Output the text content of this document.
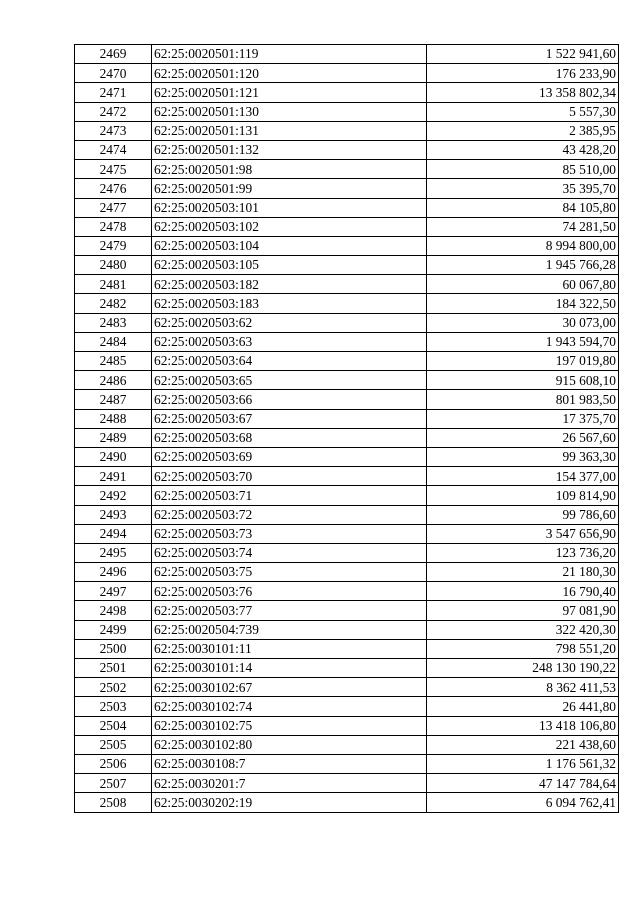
2469	62:25:0020501:119	1 522 941,60
2470	62:25:0020501:120	176 233,90
2471	62:25:0020501:121	13 358 802,34
2472	62:25:0020501:130	5 557,30
2473	62:25:0020501:131	2 385,95
2474	62:25:0020501:132	43 428,20
2475	62:25:0020501:98	85 510,00
2476	62:25:0020501:99	35 395,70
2477	62:25:0020503:101	84 105,80
2478	62:25:0020503:102	74 281,50
2479	62:25:0020503:104	8 994 800,00
2480	62:25:0020503:105	1 945 766,28
2481	62:25:0020503:182	60 067,80
2482	62:25:0020503:183	184 322,50
2483	62:25:0020503:62	30 073,00
2484	62:25:0020503:63	1 943 594,70
2485	62:25:0020503:64	197 019,80
2486	62:25:0020503:65	915 608,10
2487	62:25:0020503:66	801 983,50
2488	62:25:0020503:67	17 375,70
2489	62:25:0020503:68	26 567,60
2490	62:25:0020503:69	99 363,30
2491	62:25:0020503:70	154 377,00
2492	62:25:0020503:71	109 814,90
2493	62:25:0020503:72	99 786,60
2494	62:25:0020503:73	3 547 656,90
2495	62:25:0020503:74	123 736,20
2496	62:25:0020503:75	21 180,30
2497	62:25:0020503:76	16 790,40
2498	62:25:0020503:77	97 081,90
2499	62:25:0020504:739	322 420,30
2500	62:25:0030101:11	798 551,20
2501	62:25:0030101:14	248 130 190,22
2502	62:25:0030102:67	8 362 411,53
2503	62:25:0030102:74	26 441,80
2504	62:25:0030102:75	13 418 106,80
2505	62:25:0030102:80	221 438,60
2506	62:25:0030108:7	1 176 561,32
2507	62:25:0030201:7	47 147 784,64
2508	62:25:0030202:19	6 094 762,41
